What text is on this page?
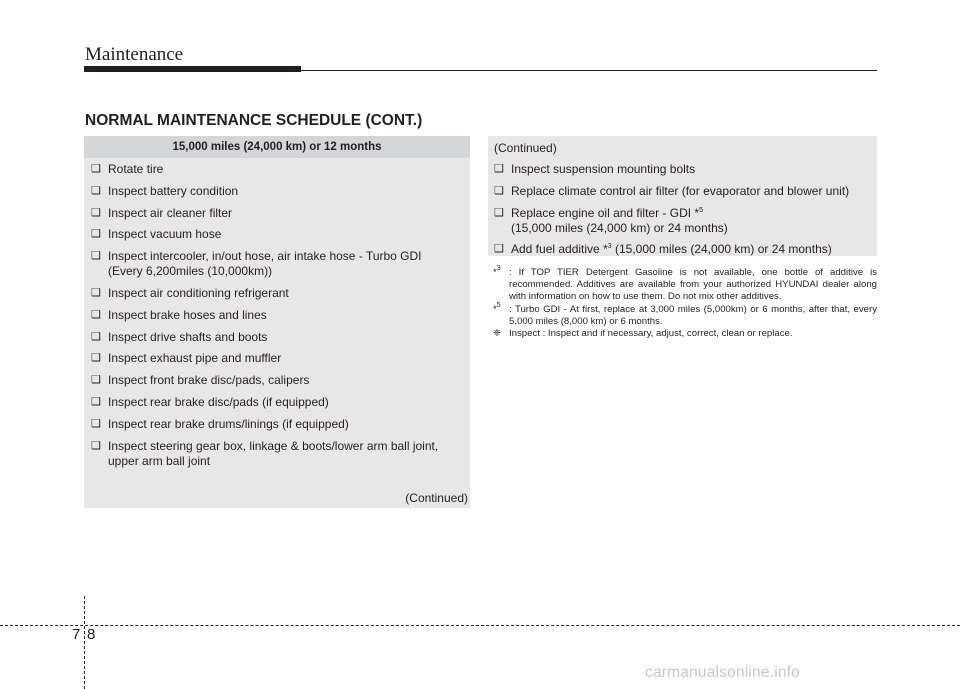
Maintenance
NORMAL MAINTENANCE SCHEDULE (CONT.)
15,000 miles (24,000 km) or 12 months
❑ Rotate tire
❑ Inspect battery condition
❑ Inspect air cleaner filter
❑ Inspect vacuum hose
❑ Inspect intercooler, in/out hose, air intake hose - Turbo GDI
(Every 6,200miles (10,000km))
❑ Inspect air conditioning refrigerant
❑ Inspect brake hoses and lines
❑ Inspect drive shafts and boots
❑ Inspect exhaust pipe and muffler
❑ Inspect front brake disc/pads, calipers
❑ Inspect rear brake disc/pads (if equipped)
❑ Inspect rear brake drums/linings (if equipped)
❑ Inspect steering gear box, linkage & boots/lower arm ball joint,
upper arm ball joint
(Continued)
(Continued)
❑ Inspect suspension mounting bolts
❑ Replace climate control air filter (for evaporator and blower unit)
❑ Replace engine oil and filter - GDI *$^5$
(15,000 miles (24,000 km) or 24 months)
❑ Add fuel additive *$^3$ (15,000 miles (24,000 km) or 24 months)
*$^3$ : If TOP TIER Detergent Gasoline is not available, one bottle of additive is recommended. Additives are available from your authorized HYUNDAI dealer along with information on how to use them. Do not mix other additives.
*$^5$ : Turbo GDI - At first, replace at 3,000 miles (5,000km) or 6 months, after that, every 5,000 miles (8,000 km) or 6 months.
❈ Inspect : Inspect and if necessary, adjust, correct, clean or replace.
7 8
carmanualsonline.info
